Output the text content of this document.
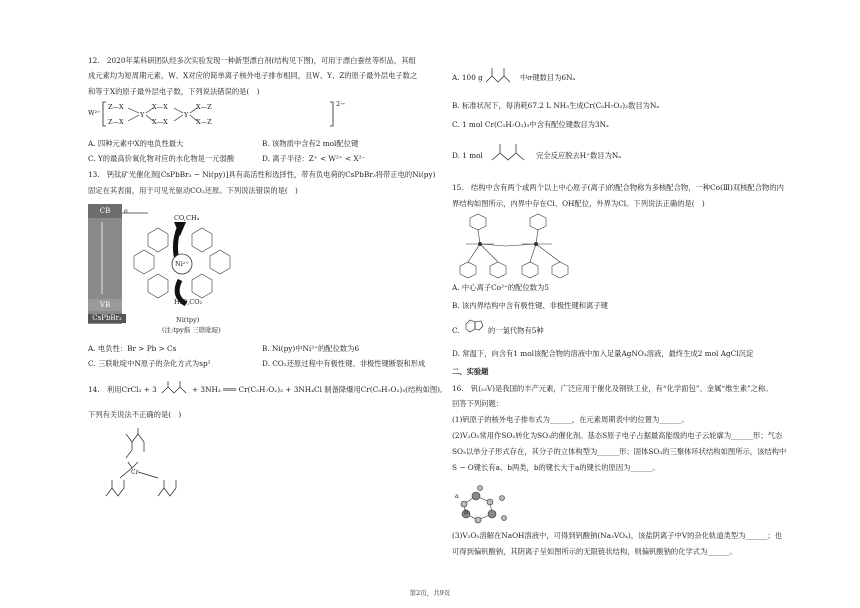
12.　2020年某科研团队经多次实验发现一种新型漂白剂(结构见下图)，可用于漂白蚕丝等织品，其组
成元素均为短周期元素，W、X对应的简单离子核外电子排布相同，且W、Y、Z的原子最外层电子数之
和等于X的原子最外层电子数，下列说法错误的是(　)
W²⁺
Z—X
Z—X
Y
X—X
X—X
Y
X—Z
X—Z
2−
A. 四种元素中X的电负性最大	B. 该物质中含有2 mol配位键
C. Y的最高价氧化物对应的水化物是一元弱酸	D. 离子半径：Z⁺ < W²⁺ < X²⁻
13.　钙钛矿光催化剂[CsPbBr₃ − Ni(py)]具有高活性和选择性，带有负电荷的CsPbBr₃将带正电的Ni(py)
固定在其表面，用于可见光驱动CO₂还原。下列说法错误的是(　)
CB
VB
CsPbBr₃
e
CO,CH₄
Ni²⁺
H₂O,CO₂
Ni(tpy)
(注:tpy指 三联吡啶)
A. 电负性：Br > Pb > Cs	B. Ni(py)中Ni²⁺的配位数为6
C. 三联吡啶中N原子的杂化方式为sp²	D. CO₂还原过程中有极性键、非极性键断裂和形成
14.　利用CrCl₃ + 3	+ 3NH₃ ═══ Cr(C₅H₇O₂)₃ + 3NH₄Cl 制备降爆用Cr(C₅H₇O₂)₃(结构如图),
下列有关说法不正确的是(　)
Cr
A. 100 g	中σ键数目为6Nₐ
B. 标准状况下，每消耗67.2 L NH₃生成Cr(C₅H₇O₂)₃数目为Nₐ
C. 1 mol Cr(C₅H₇O₂)₃中含有配位键数目为3Nₐ
D. 1 mol	完全反应脱去H⁺数目为Nₐ
15.　结构中含有两个或两个以上中心原子(离子)的配合物称为多核配合物，一种Co(Ⅲ)双核配合物的内
界结构如图所示，内界中存在Cl、OH配位，外界为Cl。下列说法正确的是(　)
A. 中心离子Co²⁺的配位数为5
B. 该内界结构中含有极性键、非极性键和离子键
C.	的一氯代物有5种
D. 常温下，向含有1 mol该配合物的溶液中加入足量AgNO₃溶液，最终生成2 mol AgCl沉淀
二、实验题
16.　钒(₂₃V)是我国的丰产元素，广泛应用于催化及钢铁工业，有“化学面包”、金属“维生素”之称。
回答下列问题：
(1)钒原子的核外电子排布式为______，在元素周期表中的位置为______。
(2)V₂O₅常用作SO₂转化为SO₃的催化剂。基态S原子电子占据最高能级的电子云轮廓为______形；气态
SO₃以单分子形式存在，其分子的立体构型为______形；固体SO₃的三聚体环状结构如图所示，该结构中
S − O键长有a、b两类，b的键长大于a的键长的原因为______。
a
b
(3)V₂O₅溶解在NaOH溶液中，可得到钒酸钠(Na₃VO₄)，该盐阴离子中V的杂化轨道类型为______；也
可得到偏钒酸钠，其阴离子呈如图所示的无限链状结构，则偏钒酸钠的化学式为______。
第2页，共9页
